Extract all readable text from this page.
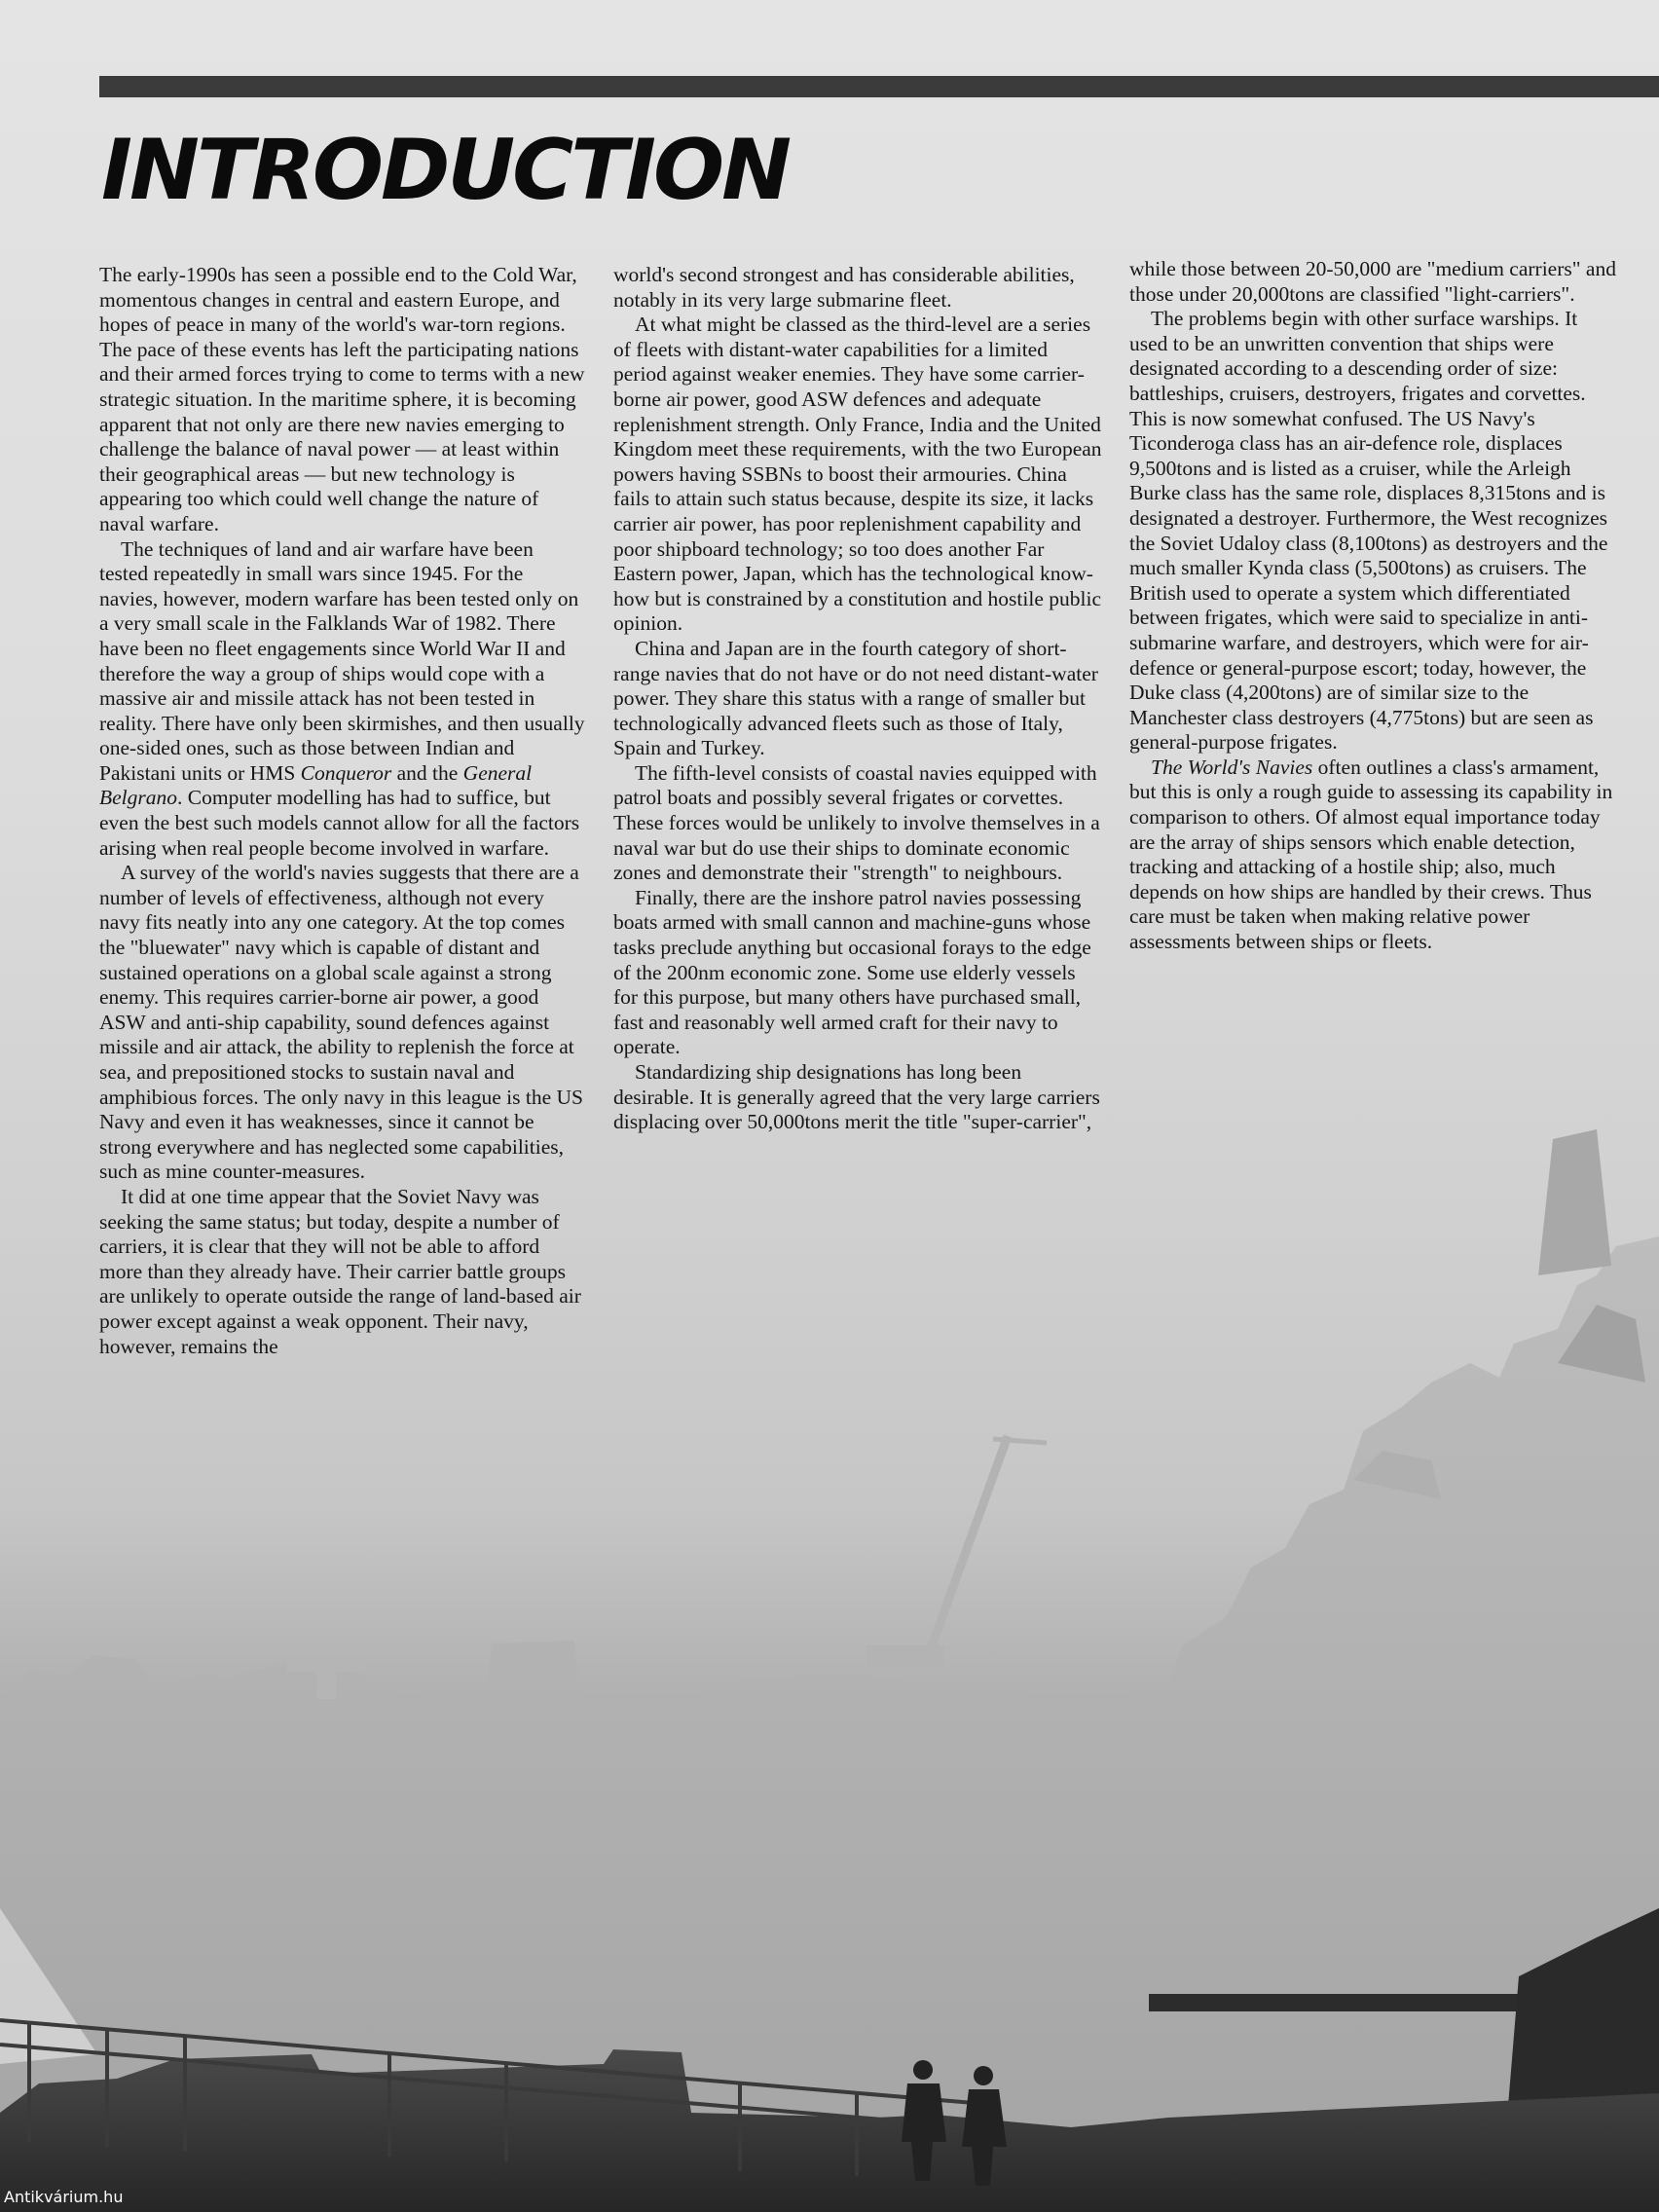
INTRODUCTION

The early-1990s has seen a possible end to the Cold War, momentous changes in central and eastern Europe, and hopes of peace in many of the world's war-torn regions. The pace of these events has left the participating nations and their armed forces trying to come to terms with a new strategic situation. In the maritime sphere, it is becoming apparent that not only are there new navies emerging to challenge the balance of naval power — at least within their geographical areas — but new technology is appearing too which could well change the nature of naval warfare.

The techniques of land and air warfare have been tested repeatedly in small wars since 1945. For the navies, however, modern warfare has been tested only on a very small scale in the Falklands War of 1982. There have been no fleet engagements since World War II and therefore the way a group of ships would cope with a massive air and missile attack has not been tested in reality. There have only been skirmishes, and then usually one-sided ones, such as those between Indian and Pakistani units or HMS Conqueror and the General Belgrano. Computer modelling has had to suffice, but even the best such models cannot allow for all the factors arising when real people become involved in warfare.

A survey of the world's navies suggests that there are a number of levels of effectiveness, although not every navy fits neatly into any one category. At the top comes the "bluewater" navy which is capable of distant and sustained operations on a global scale against a strong enemy. This requires carrier-borne air power, a good ASW and anti-ship capability, sound defences against missile and air attack, the ability to replenish the force at sea, and prepositioned stocks to sustain naval and amphibious forces. The only navy in this league is the US Navy and even it has weaknesses, since it cannot be strong everywhere and has neglected some capabilities, such as mine counter-measures.

It did at one time appear that the Soviet Navy was seeking the same status; but today, despite a number of carriers, it is clear that they will not be able to afford more than they already have. Their carrier battle groups are unlikely to operate outside the range of land-based air power except against a weak opponent. Their navy, however, remains the

world's second strongest and has considerable abilities, notably in its very large submarine fleet.

At what might be classed as the third-level are a series of fleets with distant-water capabilities for a limited period against weaker enemies. They have some carrier-borne air power, good ASW defences and adequate replenishment strength. Only France, India and the United Kingdom meet these requirements, with the two European powers having SSBNs to boost their armouries. China fails to attain such status because, despite its size, it lacks carrier air power, has poor replenishment capability and poor shipboard technology; so too does another Far Eastern power, Japan, which has the technological know-how but is constrained by a constitution and hostile public opinion.

China and Japan are in the fourth category of short-range navies that do not have or do not need distant-water power. They share this status with a range of smaller but technologically advanced fleets such as those of Italy, Spain and Turkey.

The fifth-level consists of coastal navies equipped with patrol boats and possibly several frigates or corvettes. These forces would be unlikely to involve themselves in a naval war but do use their ships to dominate economic zones and demonstrate their "strength" to neighbours.

Finally, there are the inshore patrol navies possessing boats armed with small cannon and machine-guns whose tasks preclude anything but occasional forays to the edge of the 200nm economic zone. Some use elderly vessels for this purpose, but many others have purchased small, fast and reasonably well armed craft for their navy to operate.

Standardizing ship designations has long been desirable. It is generally agreed that the very large carriers displacing over 50,000tons merit the title "super-carrier",

while those between 20-50,000 are "medium carriers" and those under 20,000tons are classified "light-carriers".

The problems begin with other surface warships. It used to be an unwritten convention that ships were designated according to a descending order of size: battleships, cruisers, destroyers, frigates and corvettes. This is now somewhat confused. The US Navy's Ticonderoga class has an air-defence role, displaces 9,500tons and is listed as a cruiser, while the Arleigh Burke class has the same role, displaces 8,315tons and is designated a destroyer. Furthermore, the West recognizes the Soviet Udaloy class (8,100tons) as destroyers and the much smaller Kynda class (5,500tons) as cruisers. The British used to operate a system which differentiated between frigates, which were said to specialize in anti-submarine warfare, and destroyers, which were for air-defence or general-purpose escort; today, however, the Duke class (4,200tons) are of similar size to the Manchester class destroyers (4,775tons) but are seen as general-purpose frigates.

The World's Navies often outlines a class's armament, but this is only a rough guide to assessing its capability in comparison to others. Of almost equal importance today are the array of ships sensors which enable detection, tracking and attacking of a hostile ship; also, much depends on how ships are handled by their crews. Thus care must be taken when making relative power assessments between ships or fleets.

Antikvárium.hu
